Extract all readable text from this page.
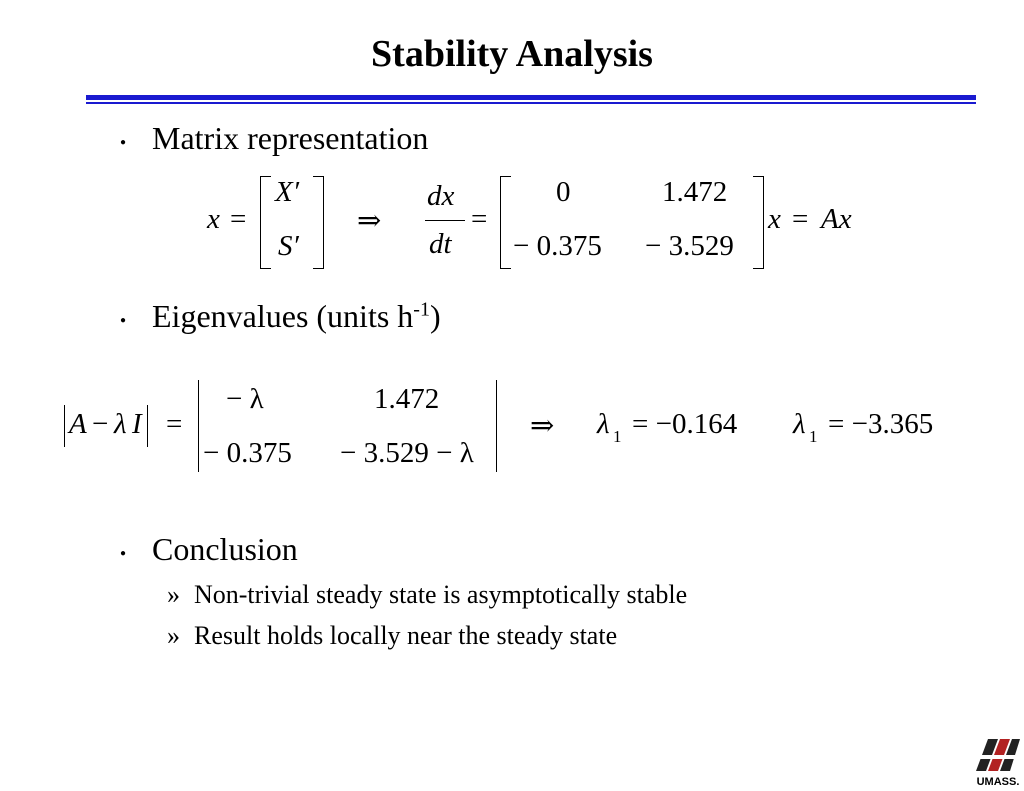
Stability Analysis
● Matrix representation
x =
X′
S′
⇒
dx
dt
=
0	1.472
− 0.375 − 3.529
x = Ax
● Eigenvalues (units $h^{-1}$)
A − λ I =
− λ	1.472
− 0.375 − 3.529 − λ
⇒ λ 1 = −0.164 λ 1 = −3.365
● Conclusion
» Non-trivial steady state is asymptotically stable
» Result holds locally near the steady state
UMASS.
